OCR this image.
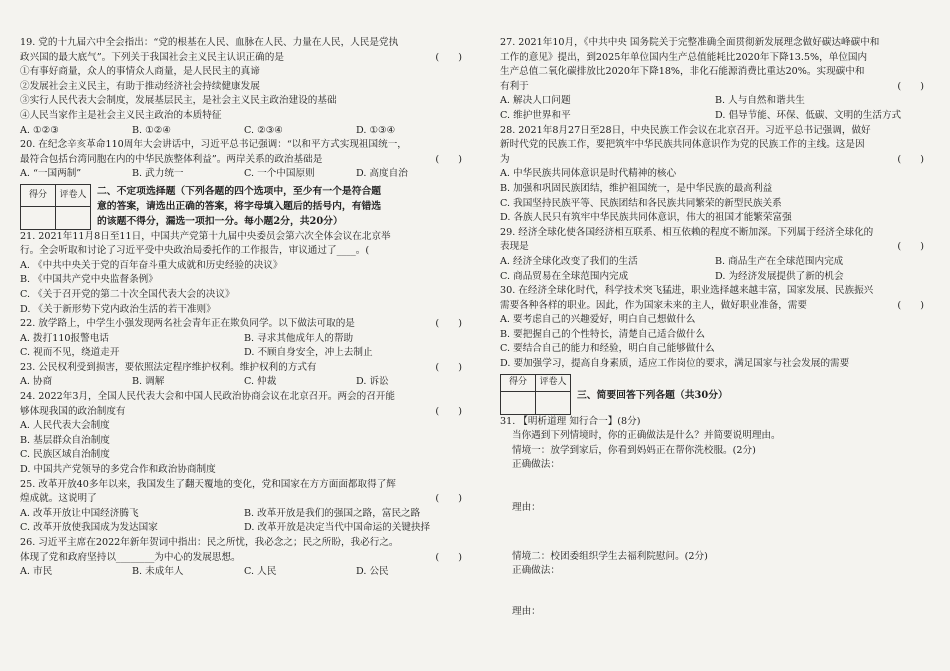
19. 党的十九届六中全会指出：“党的根基在人民、血脉在人民、力量在人民，人民是党执
政兴国的最大底气”。下列关于我国社会主义民主认识正确的是	(　　)
①有事好商量，众人的事情众人商量，是人民民主的真谛
②发展社会主义民主，有助于推动经济社会持续健康发展
③实行人民代表大会制度，发展基层民主，是社会主义民主政治建设的基础
④人民当家作主是社会主义民主政治的本质特征
A. ①②③	B. ①②④	C. ②③④	D. ①③④
20. 在纪念辛亥革命110周年大会讲话中，习近平总书记强调：“以和平方式实现祖国统一，
最符合包括台湾同胞在内的中华民族整体利益”。两岸关系的政治基础是	(　　)
A. “一国两制”	B. 武力统一	C. 一个中国原则	D. 高度自治
得分	评卷人
	二、不定项选择题（下列各题的四个选项中，至少有一个是符合题
意的答案，请选出正确的答案，将字母填入题后的括号内，有错选
的该题不得分，漏选一项扣一分。每小题2分，共20分）
21. 2021年11月8日至11日，中国共产党第十九届中央委员会第六次全体会议在北京举
行。全会听取和讨论了习近平受中央政治局委托作的工作报告，审议通过了____。(
A. 《中共中央关于党的百年奋斗重大成就和历史经验的决议》
B. 《中国共产党中央监督条例》
C. 《关于召开党的第二十次全国代表大会的决议》
D. 《关于新形势下党内政治生活的若干准则》
22. 放学路上，中学生小强发现两名社会青年正在欺负同学。以下做法可取的是	(　　)
A. 拨打110报警电话	B. 寻求其他成年人的帮助
C. 视而不见，绕道走开	D. 不顾自身安全，冲上去制止
23. 公民权利受到损害，要依照法定程序维护权利。维护权利的方式有	(　　)
A. 协商	B. 调解	C. 仲裁	D. 诉讼
24. 2022年3月，全国人民代表大会和中国人民政治协商会议在北京召开。两会的召开能
够体现我国的政治制度有	(　　)
A. 人民代表大会制度
B. 基层群众自治制度
C. 民族区域自治制度
D. 中国共产党领导的多党合作和政治协商制度
25. 改革开放40多年以来，我国发生了翻天覆地的变化，党和国家在方方面面都取得了辉
煌成就。这说明了	(　　)
A. 改革开放让中国经济腾飞	B. 改革开放是我们的强国之路，富民之路
C. 改革开放使我国成为发达国家	D. 改革开放是决定当代中国命运的关键抉择
26. 习近平主席在2022年新年贺词中指出：民之所忧，我必念之；民之所盼，我必行之。
体现了党和政府坚持以________为中心的发展思想。	(　　)
A. 市民	B. 未成年人	C. 人民	D. 公民
27. 2021年10月，《中共中央 国务院关于完整准确全面贯彻新发展理念做好碳达峰碳中和
工作的意见》提出，到2025年单位国内生产总值能耗比2020年下降13.5%，单位国内
生产总值二氧化碳排放比2020年下降18%，非化石能源消费比重达20%。实现碳中和
有利于	(　　)
A. 解决人口问题	B. 人与自然和谐共生
C. 维护世界和平	D. 倡导节能、环保、低碳、文明的生活方式
28. 2021年8月27日至28日，中央民族工作会议在北京召开。习近平总书记强调，做好
新时代党的民族工作，要把筑牢中华民族共同体意识作为党的民族工作的主线。这是因
为	(　　)
A. 中华民族共同体意识是时代精神的核心
B. 加强和巩固民族团结，维护祖国统一，是中华民族的最高利益
C. 我国坚持民族平等、民族团结和各民族共同繁荣的新型民族关系
D. 各族人民只有筑牢中华民族共同体意识，伟大的祖国才能繁荣富强
29. 经济全球化使各国经济相互联系、相互依赖的程度不断加深。下列属于经济全球化的
表现是	(　　)
A. 经济全球化改变了我们的生活	B. 商品生产在全球范围内完成
C. 商品贸易在全球范围内完成	D. 为经济发展提供了新的机会
30. 在经济全球化时代，科学技术突飞猛进，职业选择越来越丰富，国家发展、民族振兴
需要各种各样的职业。因此，作为国家未来的主人，做好职业准备，需要	(　　)
A. 要考虑自己的兴趣爱好，明白自己想做什么
B. 要把握自己的个性特长，清楚自己适合做什么
C. 要结合自己的能力和经验，明白自己能够做什么
D. 要加强学习，提高自身素质，适应工作岗位的要求，满足国家与社会发展的需要
得分	评卷人

三、简要回答下列各题（共30分）
31. 【明析道理 知行合一】(8分)
当你遇到下列情境时，你的正确做法是什么？并简要说明理由。
情境一：放学到家后，你看到妈妈正在帮你洗校服。(2分)
正确做法：
理由：
情境二：校团委组织学生去福利院慰问。(2分)
正确做法：
理由：
